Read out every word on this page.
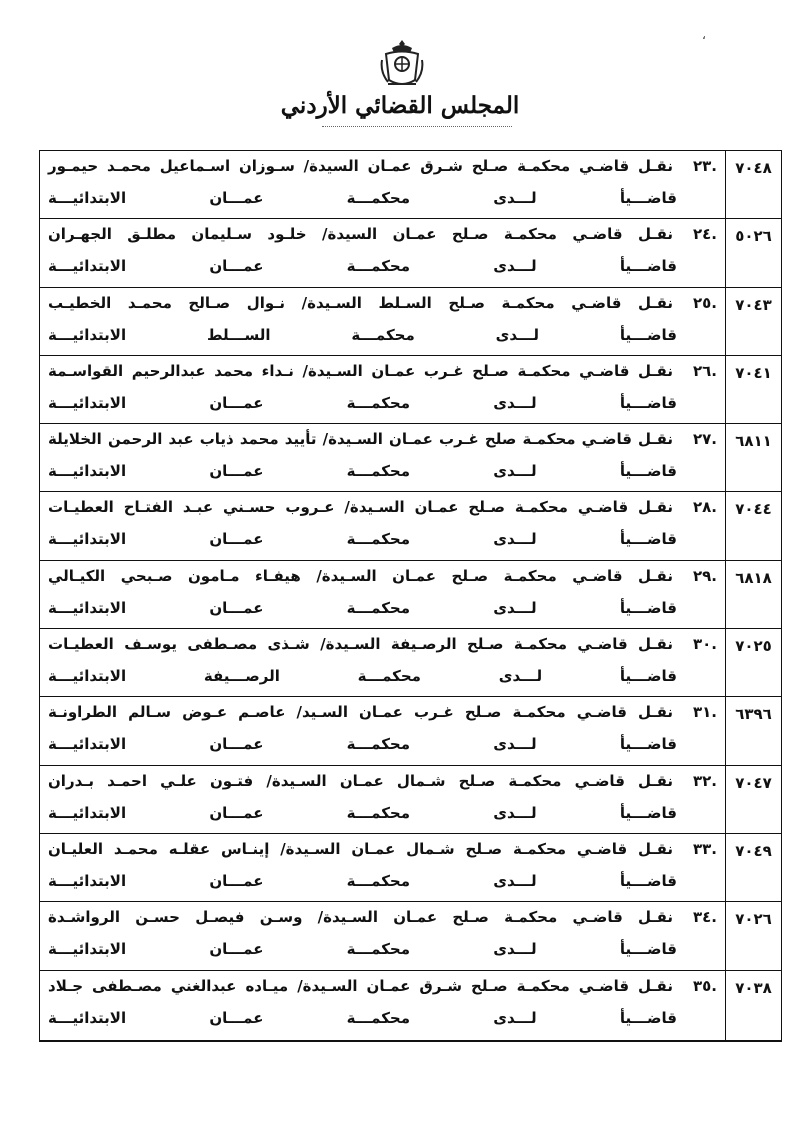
المجلس القضائي الأردني
،
٧٠٤٨
.٢٣
نقـل قاضـي محكمـة صـلح شـرق عمـان السيدة/ سـوزان اسـماعيل محمـد حيمـور
قاضـــيأ لـــدى محكمـــة عمـــان الابتدائيـــة
٥٠٢٦
.٢٤
نقـل قاضـي محكمـة صـلح عمـان السيدة/ خلـود سـليمان مطلـق الجهـران
قاضـــيأ لـــدى محكمـــة عمـــان الابتدائيـــة
٧٠٤٣
.٢٥
نقـل قاضـي محكمـة صـلح السـلط السـيدة/ نـوال صـالح محمـد الخطيـب
قاضـــيأ لـــدى محكمـــة الســـلط الابتدائيـــة
٧٠٤١
.٢٦
نقـل قاضـي محكمـة صـلح غـرب عمـان السـيدة/ نـداء محمد عبدالرحيم القواسـمة
قاضـــيأ لـــدى محكمـــة عمـــان الابتدائيـــة
٦٨١١
.٢٧
نقـل قاضـي محكمـة صلح غـرب عمـان السـيدة/ تأييد محمد ذياب عبد الرحمن الخلايلة
قاضـــيأ لـــدى محكمـــة عمـــان الابتدائيـــة
٧٠٤٤
.٢٨
نقـل قاضـي محكمـة صـلح عمـان السـيدة/ عـروب حسـني عبـد الفتـاح العطيـات
قاضـــيأ لـــدى محكمـــة عمـــان الابتدائيـــة
٦٨١٨
.٢٩
نقـل قاضـي محكمـة صـلح عمـان السـيدة/ هيفـاء مـامون صـبحي الكيـالي
قاضـــيأ لـــدى محكمـــة عمـــان الابتدائيـــة
٧٠٢٥
.٣٠
نقـل قاضـي محكمـة صـلح الرصـيفة السـيدة/ شـذى مصـطفى يوسـف العطيـات
قاضـــيأ لـــدى محكمـــة الرصـــيفة الابتدائيـــة
٦٣٩٦
.٣١
نقـل قاضـي محكمـة صـلح غـرب عمـان السـيد/ عاصـم عـوض سـالم الطراونـة
قاضـــيأ لـــدى محكمـــة عمـــان الابتدائيـــة
٧٠٤٧
.٣٢
نقـل قاضـي محكمـة صـلح شـمال عمـان السـيدة/ فتـون علـي احمـد بـدران
قاضـــيأ لـــدى محكمـــة عمـــان الابتدائيـــة
٧٠٤٩
.٣٣
نقـل قاضـي محكمـة صـلح شـمال عمـان السـيدة/ إينـاس عقلـه محمـد العليـان
قاضـــيأ لـــدى محكمـــة عمـــان الابتدائيـــة
٧٠٢٦
.٣٤
نقـل قاضـي محكمـة صـلح عمـان السـيدة/ وسـن فيصـل حسـن الرواشـدة
قاضـــيأ لـــدى محكمـــة عمـــان الابتدائيـــة
٧٠٣٨
.٣٥
نقـل قاضـي محكمـة صـلح شـرق عمـان السـيدة/ ميـاده عبدالغني مصـطفى جـلاد
قاضـــيأ لـــدى محكمـــة عمـــان الابتدائيـــة
